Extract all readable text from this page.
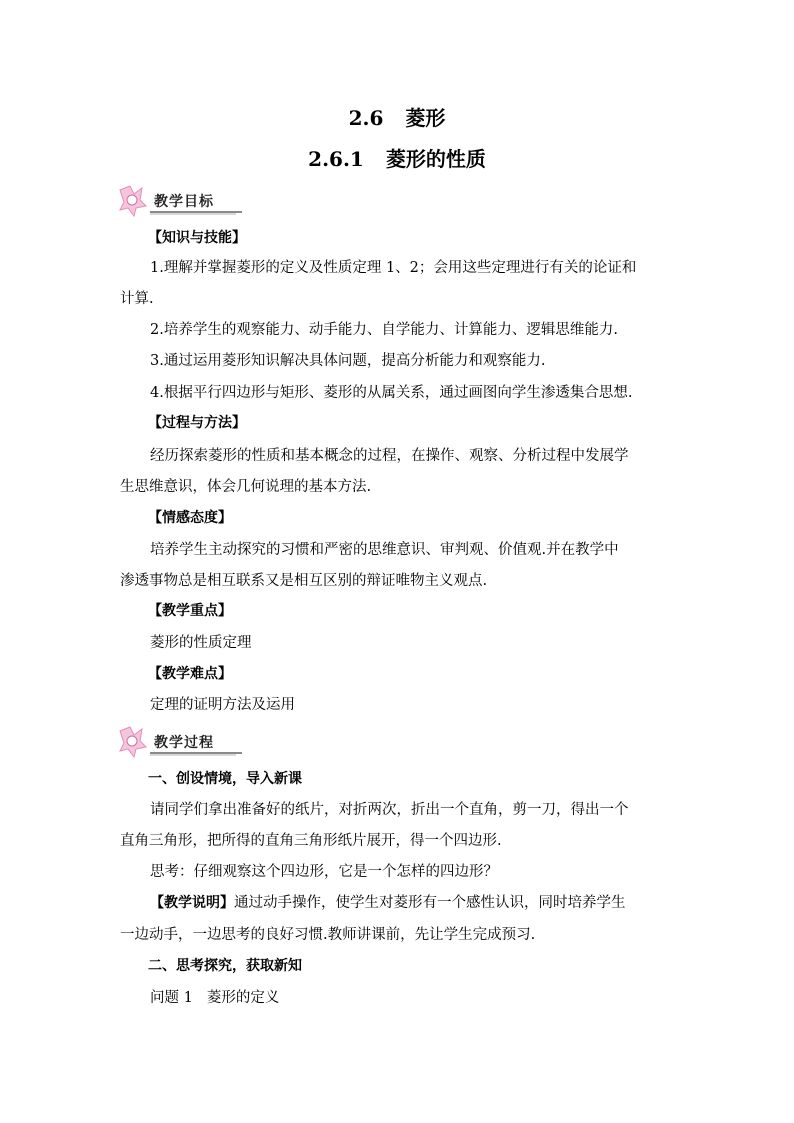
2.6 菱形
2.6.1 菱形的性质
教学目标
【知识与技能】
1.理解并掌握菱形的定义及性质定理 1、2；会用这些定理进行有关的论证和
计算.
2.培养学生的观察能力、动手能力、自学能力、计算能力、逻辑思维能力.
3.通过运用菱形知识解决具体问题，提高分析能力和观察能力.
4.根据平行四边形与矩形、菱形的从属关系，通过画图向学生渗透集合思想.
【过程与方法】
经历探索菱形的性质和基本概念的过程，在操作、观察、分析过程中发展学
生思维意识，体会几何说理的基本方法.
【情感态度】
培养学生主动探究的习惯和严密的思维意识、审判观、价值观.并在教学中
渗透事物总是相互联系又是相互区别的辩证唯物主义观点.
【教学重点】
菱形的性质定理
【教学难点】
定理的证明方法及运用
教学过程
一、创设情境，导入新课
请同学们拿出准备好的纸片，对折两次，折出一个直角，剪一刀，得出一个
直角三角形，把所得的直角三角形纸片展开，得一个四边形.
思考：仔细观察这个四边形，它是一个怎样的四边形？
【教学说明】通过动手操作，使学生对菱形有一个感性认识，同时培养学生
一边动手，一边思考的良好习惯.教师讲课前，先让学生完成预习.
二、思考探究，获取新知
问题 1 菱形的定义
